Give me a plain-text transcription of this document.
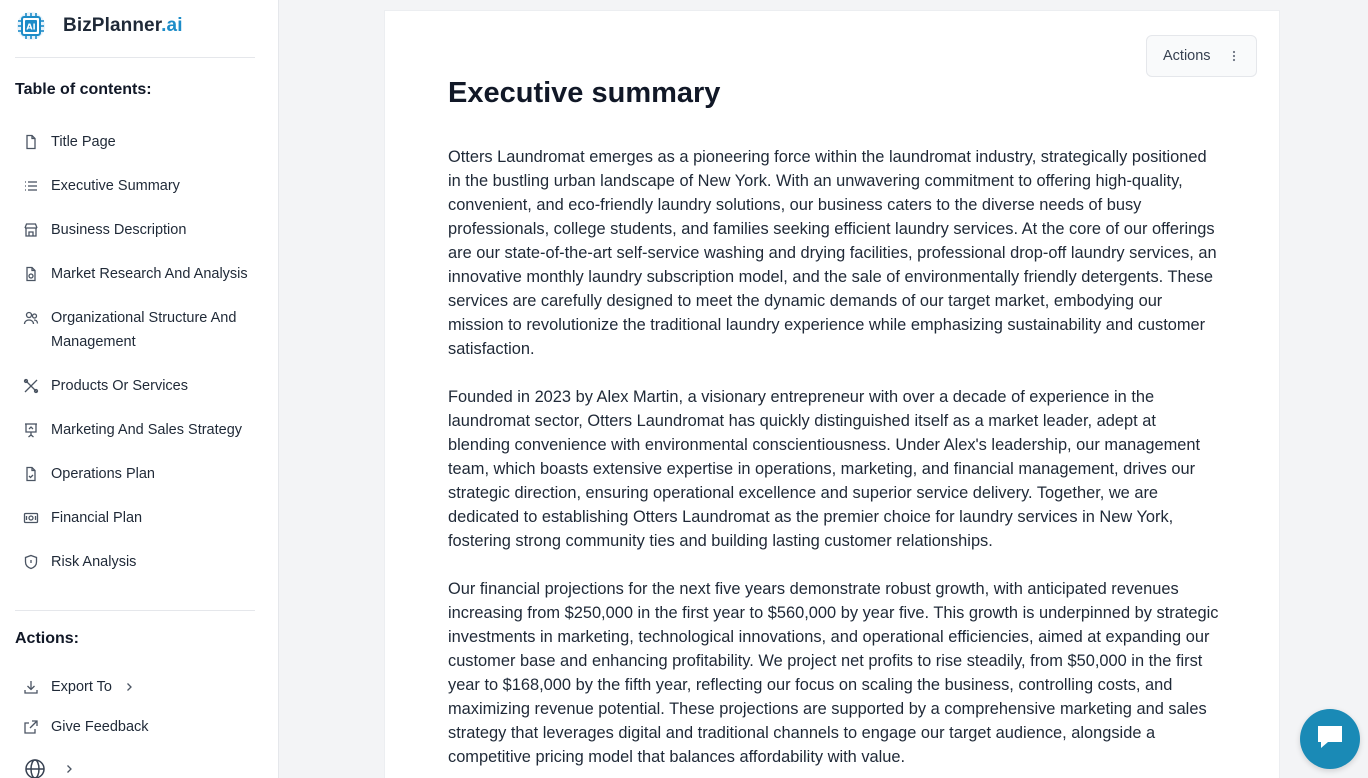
AI BizPlanner.ai
Table of contents:
Title Page
Executive Summary
Business Description
Market Research And Analysis
Organizational Structure And Management
Products Or Services
Marketing And Sales Strategy
Operations Plan
Financial Plan
Risk Analysis
Actions:
Export To
Give Feedback
Actions
Executive summary

Otters Laundromat emerges as a pioneering force within the laundromat industry, strategically positioned in the bustling urban landscape of New York. With an unwavering commitment to offering high-quality, convenient, and eco-friendly laundry solutions, our business caters to the diverse needs of busy professionals, college students, and families seeking efficient laundry services. At the core of our offerings are our state-of-the-art self-service washing and drying facilities, professional drop-off laundry services, an innovative monthly laundry subscription model, and the sale of environmentally friendly detergents. These services are carefully designed to meet the dynamic demands of our target market, embodying our mission to revolutionize the traditional laundry experience while emphasizing sustainability and customer satisfaction.

Founded in 2023 by Alex Martin, a visionary entrepreneur with over a decade of experience in the laundromat sector, Otters Laundromat has quickly distinguished itself as a market leader, adept at blending convenience with environmental conscientiousness. Under Alex's leadership, our management team, which boasts extensive expertise in operations, marketing, and financial management, drives our strategic direction, ensuring operational excellence and superior service delivery. Together, we are dedicated to establishing Otters Laundromat as the premier choice for laundry services in New York, fostering strong community ties and building lasting customer relationships.

Our financial projections for the next five years demonstrate robust growth, with anticipated revenues increasing from $250,000 in the first year to $560,000 by year five. This growth is underpinned by strategic investments in marketing, technological innovations, and operational efficiencies, aimed at expanding our customer base and enhancing profitability. We project net profits to rise steadily, from $50,000 in the first year to $168,000 by the fifth year, reflecting our focus on scaling the business, controlling costs, and maximizing revenue potential. These projections are supported by a comprehensive marketing and sales strategy that leverages digital and traditional channels to engage our target audience, alongside a competitive pricing model that balances affordability with value.
